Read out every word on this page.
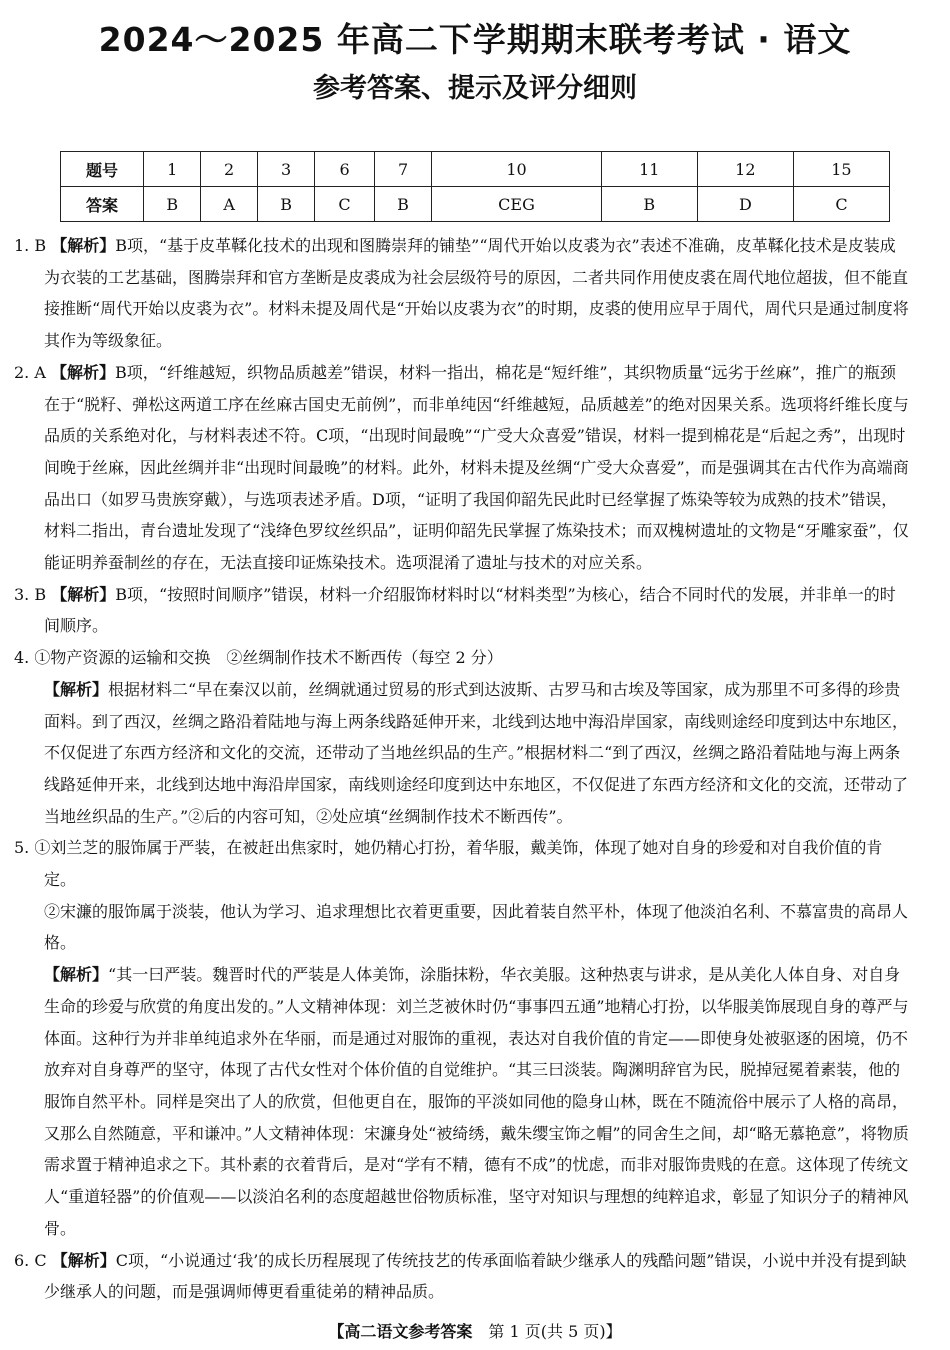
2024～2025 年高二下学期期末联考考试 · 语文
参考答案、提示及评分细则
题号	1	2	3	6	7	10	11	12	15
答案	B	A	B	C	B	CEG	B	D	C

1. B 【解析】B项，“基于皮革鞣化技术的出现和图腾崇拜的铺垫”“周代开始以皮裘为衣”表述不准确，皮革鞣化技术是皮装成为衣装的工艺基础，图腾崇拜和官方垄断是皮裘成为社会层级符号的原因，二者共同作用使皮裘在周代地位超拔，但不能直接推断“周代开始以皮裘为衣”。材料未提及周代是“开始以皮裘为衣”的时期，皮裘的使用应早于周代，周代只是通过制度将其作为等级象征。

2. A 【解析】B项，“纤维越短，织物品质越差”错误，材料一指出，棉花是“短纤维”，其织物质量“远劣于丝麻”，推广的瓶颈在于“脱籽、弹松这两道工序在丝麻古国史无前例”，而非单纯因“纤维越短，品质越差”的绝对因果关系。选项将纤维长度与品质的关系绝对化，与材料表述不符。C项，“出现时间最晚”“广受大众喜爱”错误，材料一提到棉花是“后起之秀”，出现时间晚于丝麻，因此丝绸并非“出现时间最晚”的材料。此外，材料未提及丝绸“广受大众喜爱”，而是强调其在古代作为高端商品出口（如罗马贵族穿戴），与选项表述矛盾。D项，“证明了我国仰韶先民此时已经掌握了炼染等较为成熟的技术”错误，材料二指出，青台遗址发现了“浅绛色罗纹丝织品”，证明仰韶先民掌握了炼染技术；而双槐树遗址的文物是“牙雕家蚕”，仅能证明养蚕制丝的存在，无法直接印证炼染技术。选项混淆了遗址与技术的对应关系。

3. B 【解析】B项，“按照时间顺序”错误，材料一介绍服饰材料时以“材料类型”为核心，结合不同时代的发展，并非单一的时间顺序。

4. ①物产资源的运输和交换　②丝绸制作技术不断西传（每空 2 分）

【解析】根据材料二“早在秦汉以前，丝绸就通过贸易的形式到达波斯、古罗马和古埃及等国家，成为那里不可多得的珍贵面料。到了西汉，丝绸之路沿着陆地与海上两条线路延伸开来，北线到达地中海沿岸国家，南线则途经印度到达中东地区，不仅促进了东西方经济和文化的交流，还带动了当地丝织品的生产。”根据材料二“到了西汉，丝绸之路沿着陆地与海上两条线路延伸开来，北线到达地中海沿岸国家，南线则途经印度到达中东地区，不仅促进了东西方经济和文化的交流，还带动了当地丝织品的生产。”②后的内容可知，②处应填“丝绸制作技术不断西传”。

5. ①刘兰芝的服饰属于严装，在被赶出焦家时，她仍精心打扮，着华服，戴美饰，体现了她对自身的珍爱和对自我价值的肯定。

②宋濂的服饰属于淡装，他认为学习、追求理想比衣着更重要，因此着装自然平朴，体现了他淡泊名利、不慕富贵的高昂人格。

【解析】“其一曰严装。魏晋时代的严装是人体美饰，涂脂抹粉，华衣美服。这种热衷与讲求，是从美化人体自身、对自身生命的珍爱与欣赏的角度出发的。”人文精神体现：刘兰芝被休时仍“事事四五通”地精心打扮，以华服美饰展现自身的尊严与体面。这种行为并非单纯追求外在华丽，而是通过对服饰的重视，表达对自我价值的肯定——即使身处被驱逐的困境，仍不放弃对自身尊严的坚守，体现了古代女性对个体价值的自觉维护。“其三曰淡装。陶渊明辞官为民，脱掉冠冕着素装，他的服饰自然平朴。同样是突出了人的欣赏，但他更自在，服饰的平淡如同他的隐身山林，既在不随流俗中展示了人格的高昂，又那么自然随意，平和谦冲。”人文精神体现：宋濂身处“被绮绣，戴朱缨宝饰之帽”的同舍生之间，却“略无慕艳意”，将物质需求置于精神追求之下。其朴素的衣着背后，是对“学有不精，德有不成”的忧虑，而非对服饰贵贱的在意。这体现了传统文人“重道轻器”的价值观——以淡泊名利的态度超越世俗物质标准，坚守对知识与理想的纯粹追求，彰显了知识分子的精神风骨。

6. C 【解析】C项，“小说通过‘我’的成长历程展现了传统技艺的传承面临着缺少继承人的残酷问题”错误，小说中并没有提到缺少继承人的问题，而是强调师傅更看重徒弟的精神品质。

【高二语文参考答案　 第 1 页(共 5 页)】
